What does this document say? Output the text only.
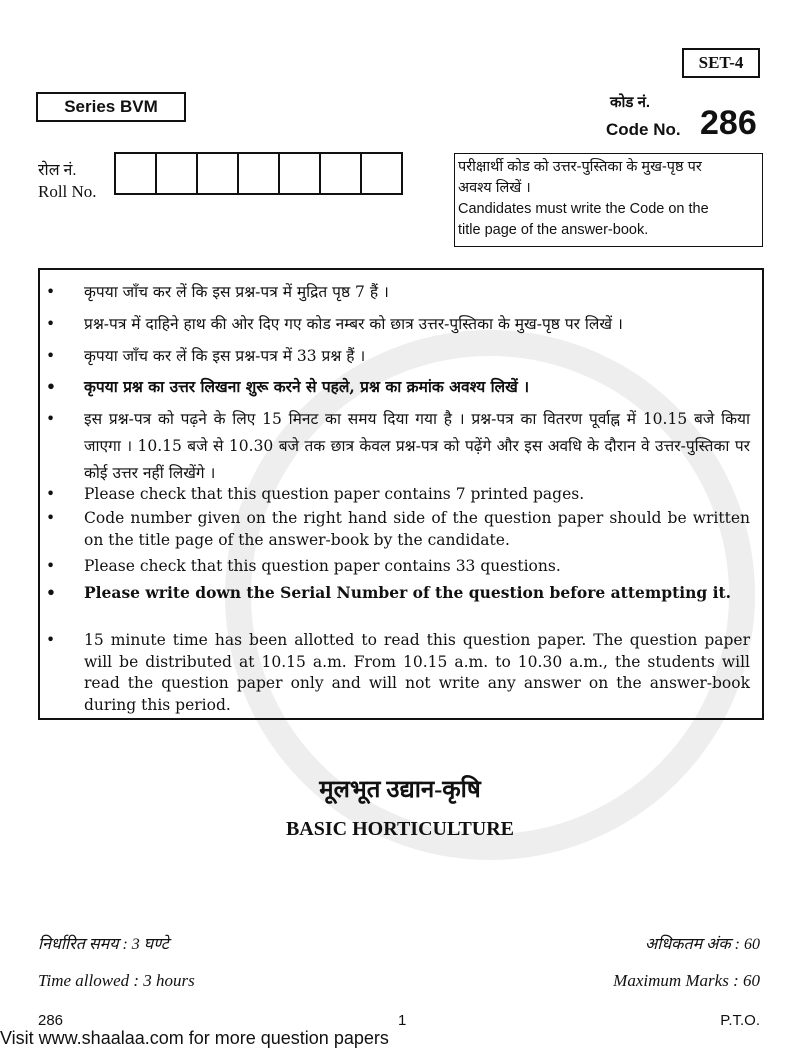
SET-4
Series BVM	कोड नं.
Code No. 286
रोल नं.
Roll No.
परीक्षार्थी कोड को उत्तर-पुस्तिका के मुख-पृष्ठ पर
अवश्य लिखें ।
Candidates must write the Code on the
title page of the answer-book.
•	कृपया जाँच कर लें कि इस प्रश्न-पत्र में मुद्रित पृष्ठ 7 हैं ।
•	प्रश्न-पत्र में दाहिने हाथ की ओर दिए गए कोड नम्बर को छात्र उत्तर-पुस्तिका के मुख-पृष्ठ पर लिखें ।
•	कृपया जाँच कर लें कि इस प्रश्न-पत्र में 33 प्रश्न हैं ।
•	कृपया प्रश्न का उत्तर लिखना शुरू करने से पहले, प्रश्न का क्रमांक अवश्य लिखें ।
•	इस प्रश्न-पत्र को पढ़ने के लिए 15 मिनट का समय दिया गया है । प्रश्न-पत्र का वितरण पूर्वाह्न में 10.15 बजे किया जाएगा । 10.15 बजे से 10.30 बजे तक छात्र केवल प्रश्न-पत्र को पढ़ेंगे और इस अवधि के दौरान वे उत्तर-पुस्तिका पर कोई उत्तर नहीं लिखेंगे ।
•	Please check that this question paper contains 7 printed pages.
•	Code number given on the right hand side of the question paper should be written on the title page of the answer-book by the candidate.
•	Please check that this question paper contains 33 questions.
•	Please write down the Serial Number of the question before attempting it.
•	15 minute time has been allotted to read this question paper. The question paper will be distributed at 10.15 a.m. From 10.15 a.m. to 10.30 a.m., the students will read the question paper only and will not write any answer on the answer-book during this period.
मूलभूत उद्यान-कृषि
BASIC HORTICULTURE
निर्धारित समय : 3 घण्टे	अधिकतम अंक : 60
Time allowed : 3 hours	Maximum Marks : 60
286	1	P.T.O.
Visit www.shaalaa.com for more question papers
